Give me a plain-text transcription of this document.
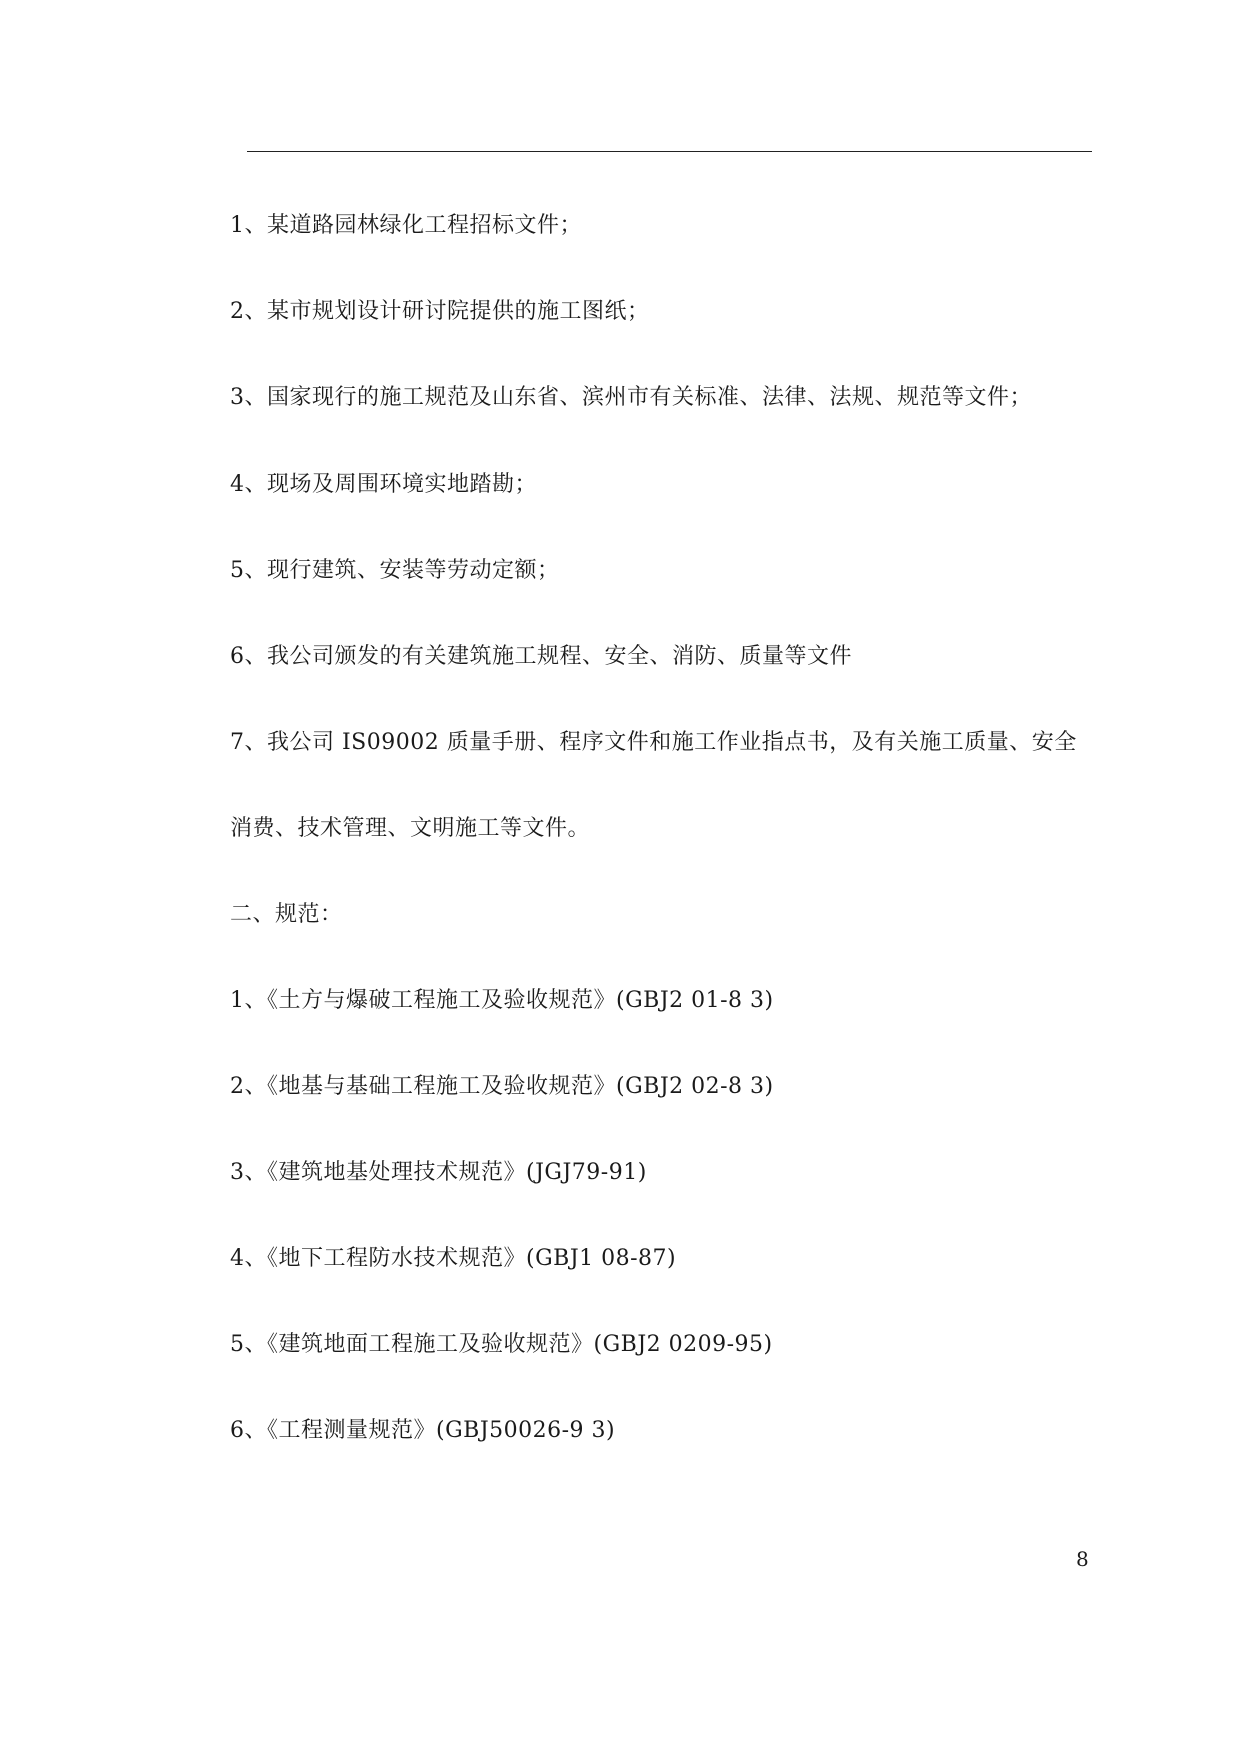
1、某道路园林绿化工程招标文件；
2、某市规划设计研讨院提供的施工图纸；
3、国家现行的施工规范及山东省、滨州市有关标准、法律、法规、规范等文件；
4、现场及周围环境实地踏勘；
5、现行建筑、安装等劳动定额；
6、我公司颁发的有关建筑施工规程、安全、消防、质量等文件
7、我公司 IS09002 质量手册、程序文件和施工作业指点书，及有关施工质量、安全
消费、技术管理、文明施工等文件。
二、规范：
1、《土方与爆破工程施工及验收规范》(GBJ2 01-8 3)
2、《地基与基础工程施工及验收规范》(GBJ2 02-8 3)
3、《建筑地基处理技术规范》(JGJ79-91)
4、《地下工程防水技术规范》(GBJ1 08-87)
5、《建筑地面工程施工及验收规范》(GBJ2 0209-95)
6、《工程测量规范》(GBJ50026-9 3)
8
